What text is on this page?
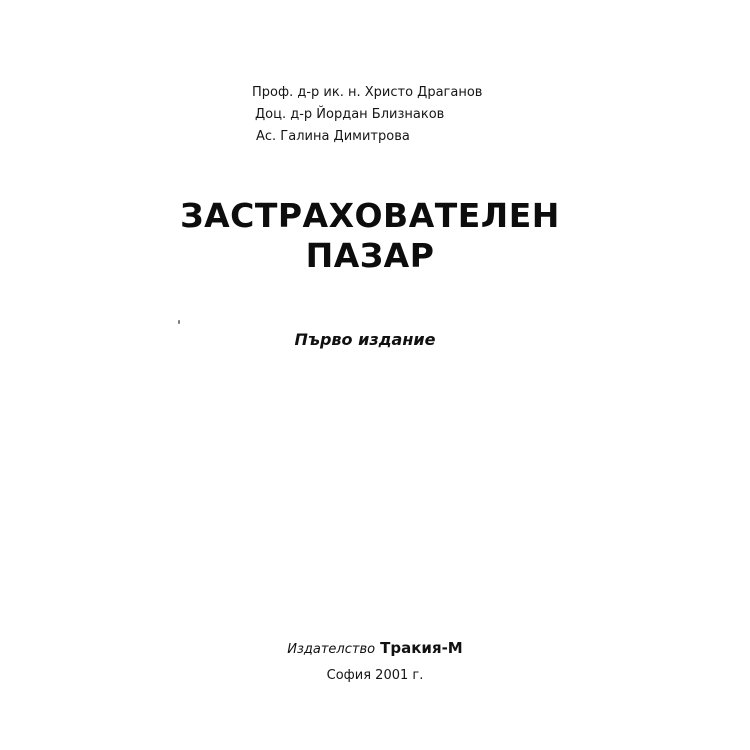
Проф. д-р ик. н. Христо Драганов
Доц. д-р Йордан Близнаков
Ас. Галина Димитрова
ЗАСТРАХОВАТЕЛЕН
ПАЗАР
Първо издание
Издателство Тракия-М
София 2001 г.
